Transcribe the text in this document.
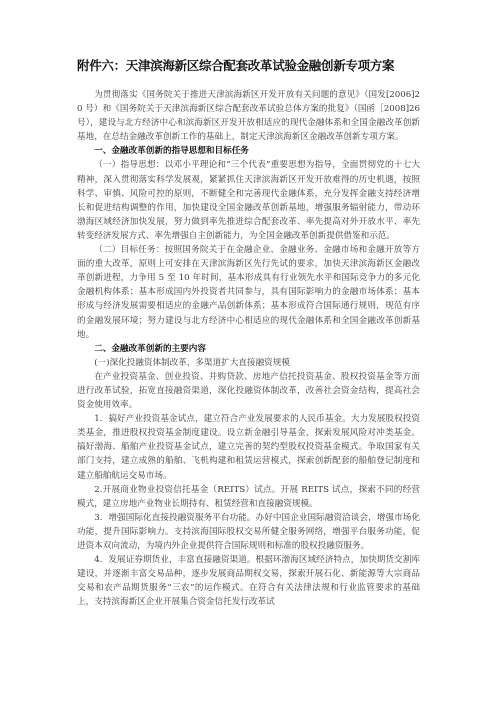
附件六：天津滨海新区综合配套改革试验金融创新专项方案

为贯彻落实《国务院关于推进天津滨海新区开发开放有关问题的意见》（国发[2006]20 号）和《国务院关于天津滨海新区综合配套改革试验总体方案的批复》（国函［2008]26 号），建设与北方经济中心和滨海新区开发开放相适应的现代金融体系和全国金融改革创新基地，在总结金融改革创新工作的基础上，制定天津滨海新区金融改革创新专项方案。

一、金融改革创新的指导思想和目标任务

（一）指导思想：以邓小平理论和“三个代表”重要思想为指导，全面贯彻党的十七大精神，深入贯彻落实科学发展观，紧紧抓住天津滨海新区开发开放难得的历史机遇，按照科学、审慎、风险可控的原则，不断健全和完善现代金融体系，充分发挥金融支持经济增长和促进结构调整的作用，加快建设全国金融改革创新基地，增强服务辐射能力，带动环渤海区域经济加快发展，努力做到率先推进综合配套改革、率先提高对外开放水平、率先转变经济发展方式、率先增强自主创新能力，为全国金融改革创新提供借鉴和示范。

（二）目标任务：按照国务院关于在金融企业、金融业务、金融市场和金融开放等方面的重大改革，原则上可安排在天津滨海新区先行先试的要求，加快天津滨海新区金融改革创新进程，力争用 5 至 10 年时间，基本形成具有行业领先水平和国际竞争力的多元化金融机构体系；基本形成国内外投资者共同参与，具有国际影响力的金融市场体系；基本形成与经济发展需要相适应的金融产品创新体系；基本形成符合国际通行规则，规范有序的金融发展环境；努力建设与北方经济中心相适应的现代金融体系和全国金融改革创新基地。

二、金融改革创新的主要内容

(一)深化投融资体制改革，多渠道扩大直接融资规模

在产业投资基金、创业投资、并购贷款、房地产信托投资基金、股权投资基金等方面进行改革试验，拓宽直接融资渠道，深化投融资体制改革，改善社会资金结构，提高社会资金使用效率。

1．搞好产业投资基金试点，建立符合产业发展要求的人民币基金。大力发展股权投资类基金，推进股权投资基金制度建设。设立新金融引导基金，探索发展风险对冲类基金。搞好渤海、船舶产业投资基金试点，建立完善的契约型股权投资基金模式。争取国家有关部门支持，建立成熟的船舶、飞机构建和租赁运营模式，探索创新配套的船舶登记制度和建立船舶航运交易市场。

2.开展商业物业投资信托基金（REITS）试点。开展 REITS 试点，探索不同的经营模式，建立房地产业物业长期持有、租赁经营和直接融资规模。

3．增强国际化直接投融资服务平台功能。办好中国企业国际融资洽谈会，增强市场化功能，提升国际影响力。支持滨海国际股权交易所健全服务网络，增强平台服务功能，促进资本双向流动，为境内外企业提供符合国际规则和标准的股权投融资服务。

4．发展证券期货业，丰富直接融资渠道。根据环渤海区域经济特点，加快期货交割库建设，并逐渐丰富交易品种，逐步发展商品期权交易，探索开展石化、新能源等大宗商品交易和农产品期货服务“三农”的运作模式。在符合有关法律法规和行业监管要求的基础上，支持滨海新区企业开展集合资金信托发行改革试
